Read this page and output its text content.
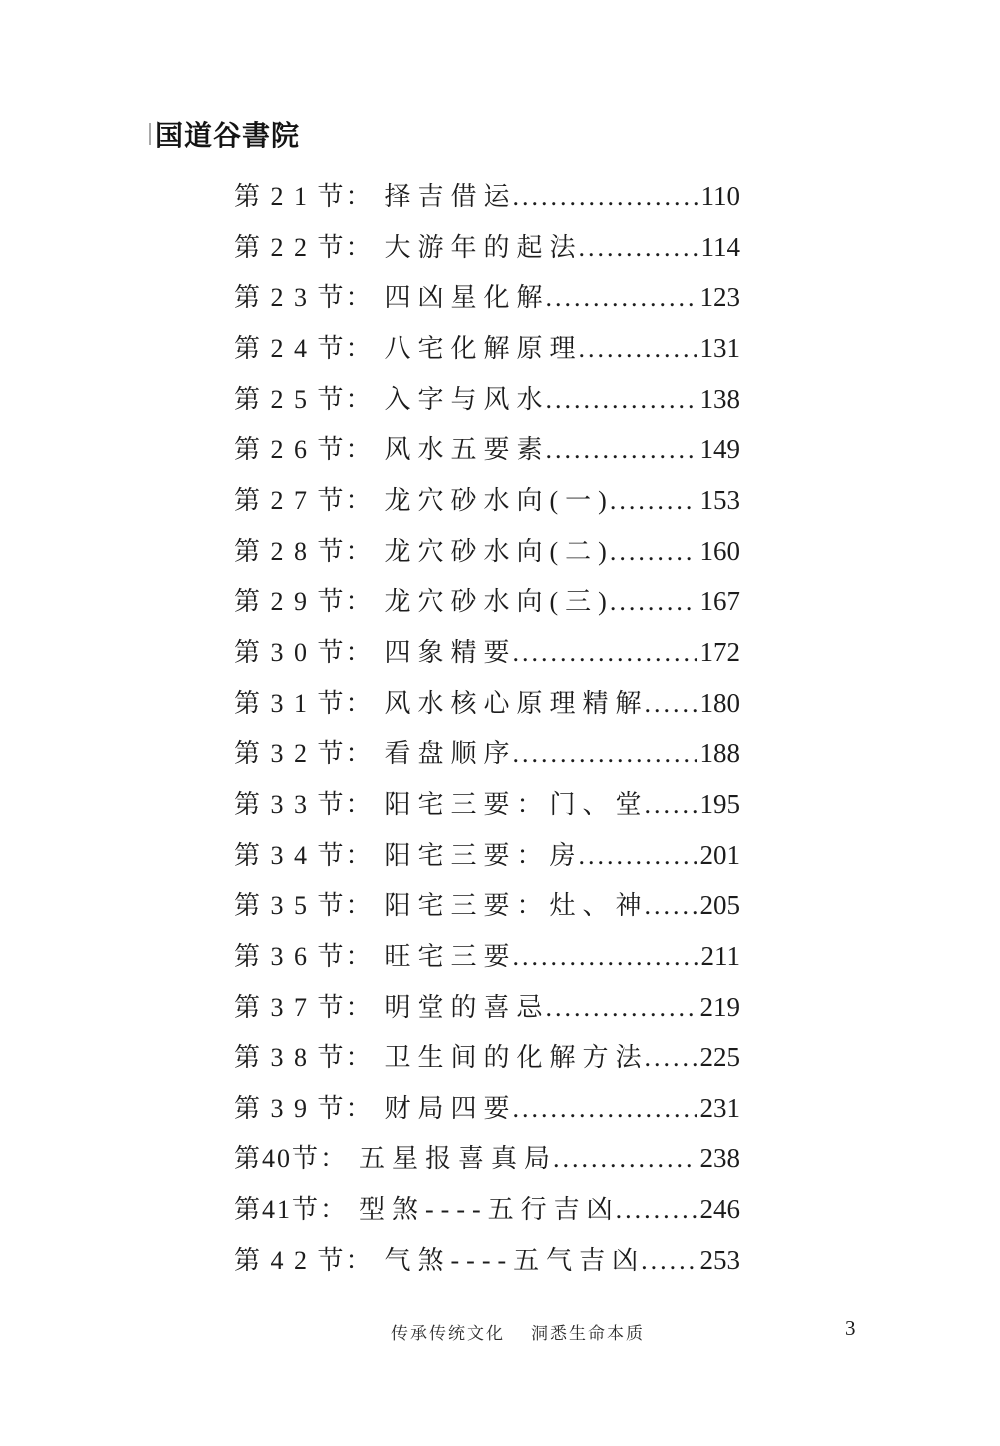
国道谷書院
第 2 1 节： 择吉借运 .....	110
第 2 2 节： 大游年的起法 .....	114
第 2 3 节： 四凶星化解 .....	123
第 2 4 节： 八宅化解原理 .....	131
第 2 5 节： 入字与风水 .....	138
第 2 6 节： 风水五要素 .....	149
第 2 7 节： 龙穴砂水向(一) .....	153
第 2 8 节： 龙穴砂水向(二) .....	160
第 2 9 节： 龙穴砂水向(三) .....	167
第 3 0 节： 四象精要 .....	172
第 3 1 节： 风水核心原理精解 ..... 180
第 3 2 节： 看盘顺序 .....	188
第 3 3 节： 阳宅三要：门、堂 ..... 195
第 3 4 节： 阳宅三要：房 .....	201
第 3 5 节： 阳宅三要：灶、神 ..... 205
第 3 6 节： 旺宅三要 .....	211
第 3 7 节： 明堂的喜忌 .....	219
第 3 8 节： 卫生间的化解方法 ..... 225
第 3 9 节： 财局四要 .....	231
第40节： 五星报喜真局 .....	238
第41节： 型煞----五行吉凶 .....	246
第 4 2 节： 气煞----五气吉凶 ..... 253
传承传统文化 洞悉生命本质	3
